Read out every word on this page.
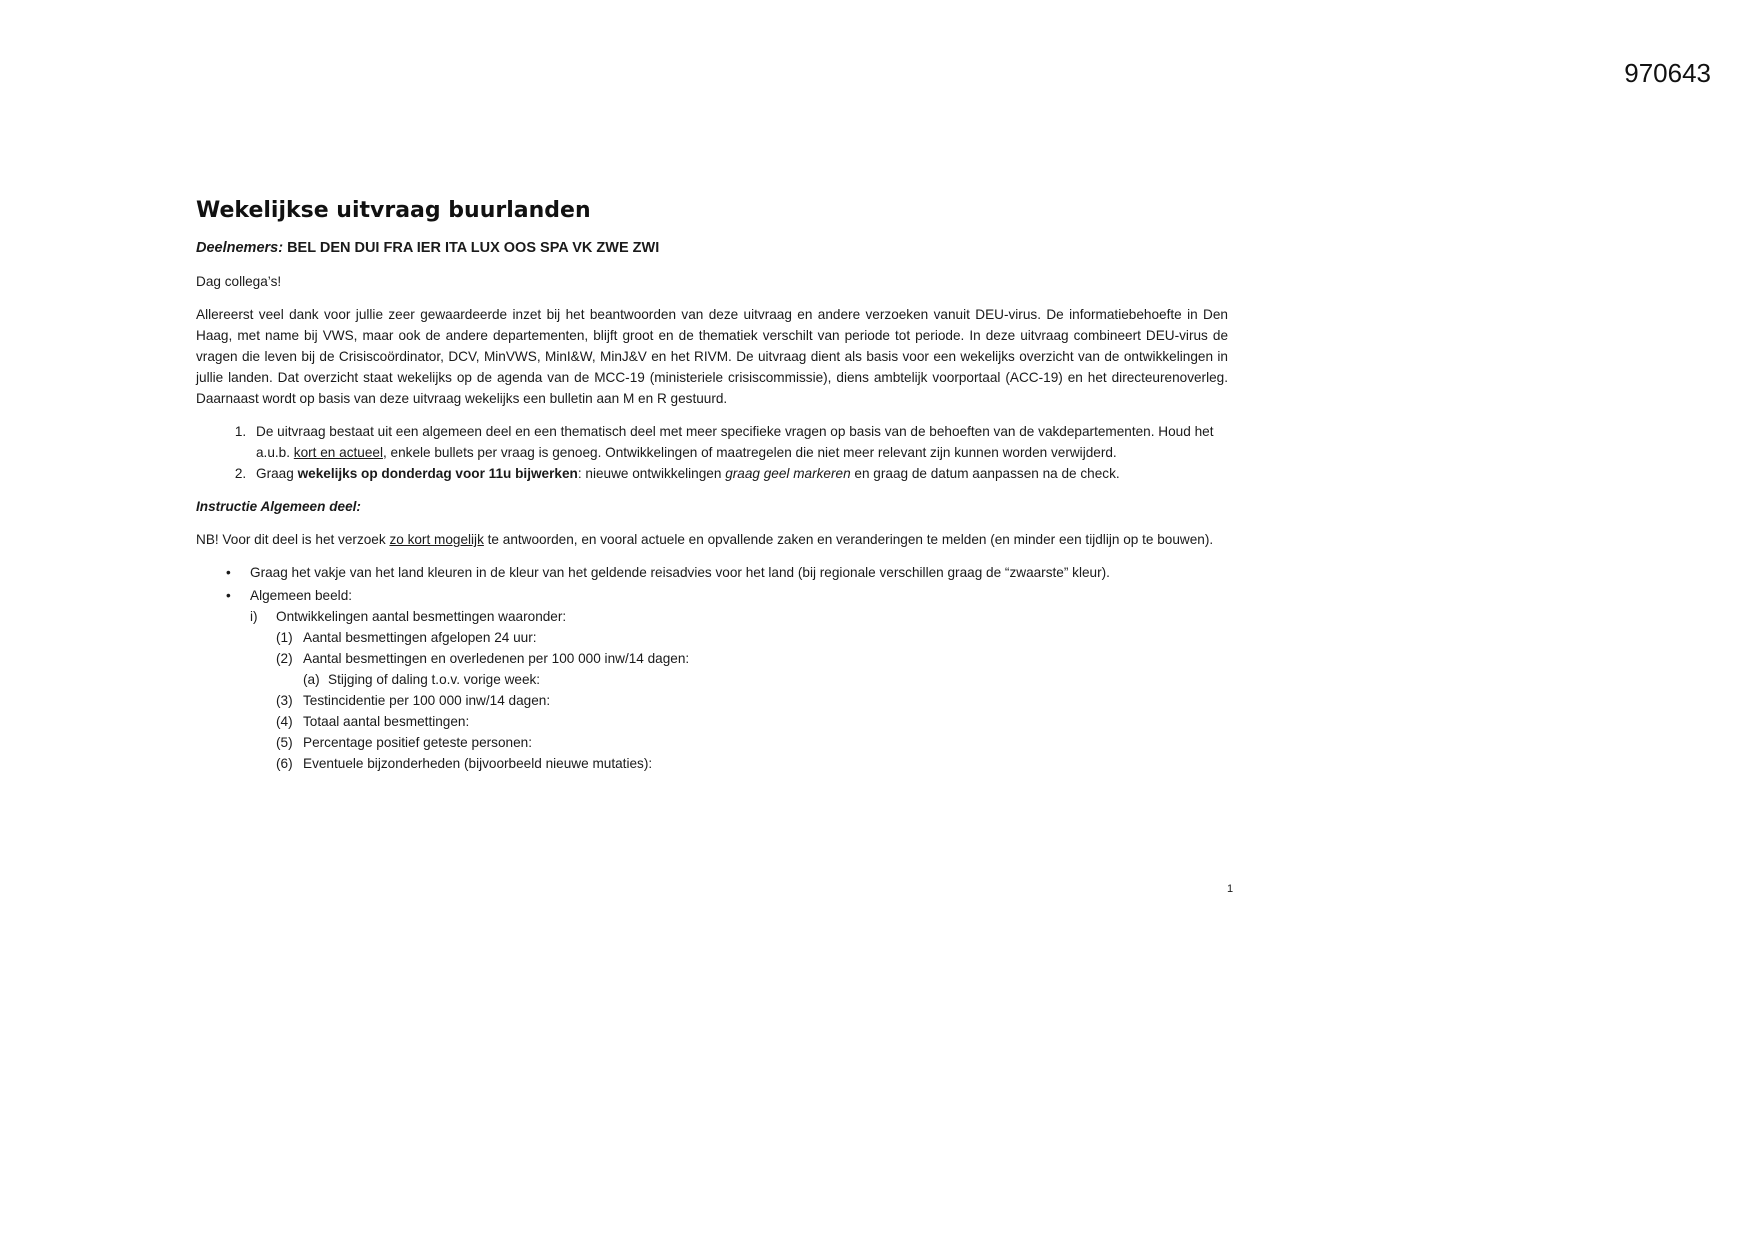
970643
Wekelijkse uitvraag buurlanden

Deelnemers: BEL DEN DUI FRA IER ITA LUX OOS SPA VK ZWE ZWI

Dag collega’s!

Allereerst veel dank voor jullie zeer gewaardeerde inzet bij het beantwoorden van deze uitvraag en andere verzoeken vanuit DEU-virus. De informatiebehoefte in Den Haag, met name bij VWS, maar ook de andere departementen, blijft groot en de thematiek verschilt van periode tot periode. In deze uitvraag combineert DEU-virus de vragen die leven bij de Crisiscoördinator, DCV, MinVWS, MinI&W, MinJ&V en het RIVM. De uitvraag dient als basis voor een wekelijks overzicht van de ontwikkelingen in jullie landen. Dat overzicht staat wekelijks op de agenda van de MCC-19 (ministeriele crisiscommissie), diens ambtelijk voorportaal (ACC-19) en het directeurenoverleg. Daarnaast wordt op basis van deze uitvraag wekelijks een bulletin aan M en R gestuurd.

1. De uitvraag bestaat uit een algemeen deel en een thematisch deel met meer specifieke vragen op basis van de behoeften van de vakdepartementen. Houd het a.u.b. kort en actueel, enkele bullets per vraag is genoeg. Ontwikkelingen of maatregelen die niet meer relevant zijn kunnen worden verwijderd.
2. Graag wekelijks op donderdag voor 11u bijwerken: nieuwe ontwikkelingen graag geel markeren en graag de datum aanpassen na de check.

Instructie Algemeen deel:

NB! Voor dit deel is het verzoek zo kort mogelijk te antwoorden, en vooral actuele en opvallende zaken en veranderingen te melden (en minder een tijdlijn op te bouwen).

•	Graag het vakje van het land kleuren in de kleur van het geldende reisadvies voor het land (bij regionale verschillen graag de “zwaarste” kleur).
•	Algemeen beeld:
i)	Ontwikkelingen aantal besmettingen waaronder:
(1) Aantal besmettingen afgelopen 24 uur:
(2) Aantal besmettingen en overledenen per 100 000 inw/14 dagen:
(a) Stijging of daling t.o.v. vorige week:
(3) Testincidentie per 100 000 inw/14 dagen:
(4) Totaal aantal besmettingen:
(5) Percentage positief geteste personen:
(6) Eventuele bijzonderheden (bijvoorbeeld nieuwe mutaties):
1
